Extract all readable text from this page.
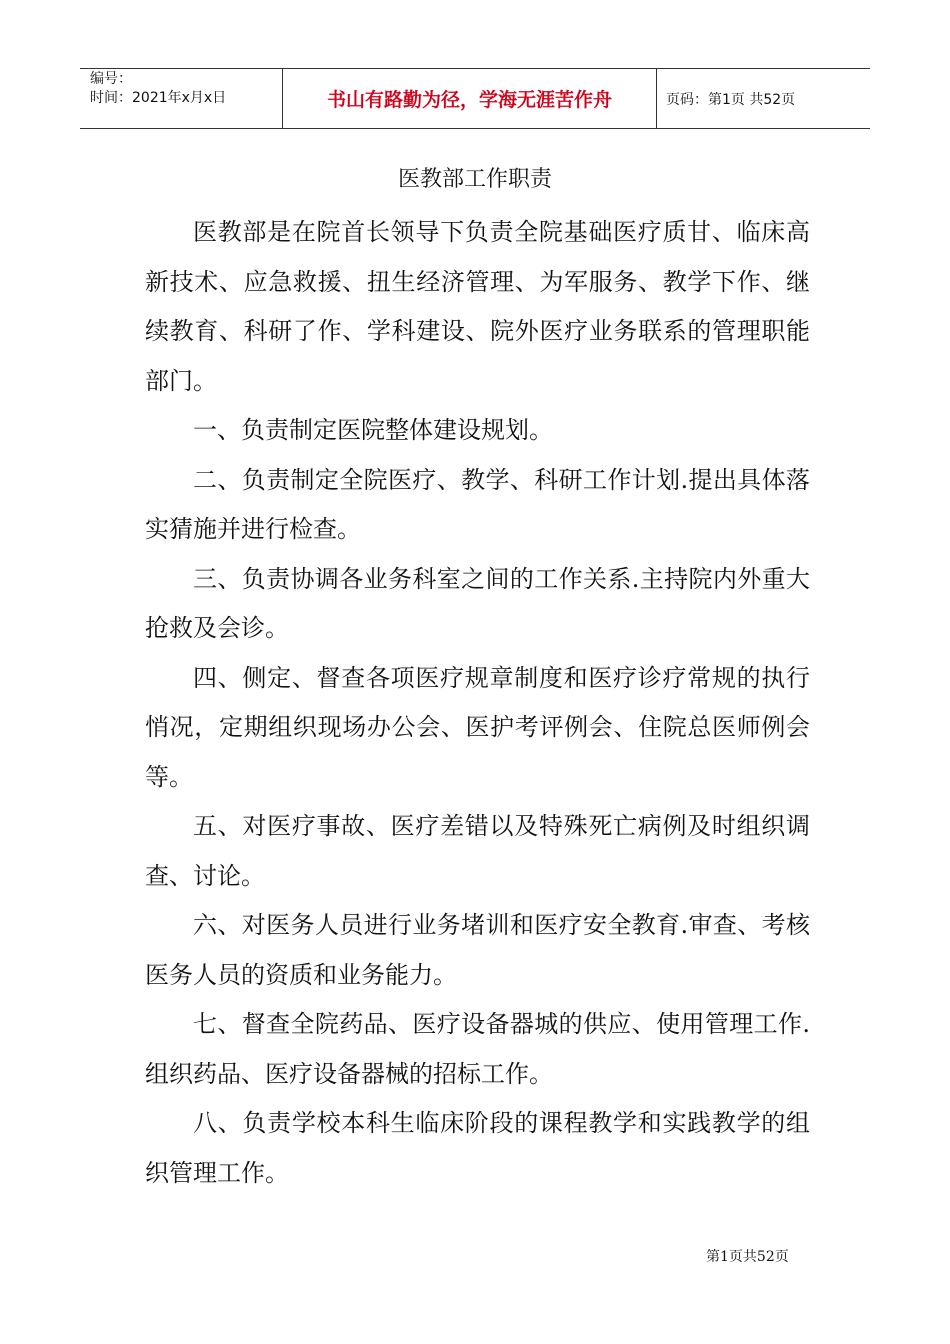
编号：
时间：2021年x月x日	书山有路勤为径，学海无涯苦作舟	页码：第1页 共52页
医教部工作职责

医教部是在院首长领导下负责全院基础医疗质甘、临床高新技术、应急救援、扭生经济管理、为军服务、教学下作、继续教育、科研了作、学科建设、院外医疗业务联系的管理职能部门。

一、负责制定医院整体建设规划。

二、负责制定全院医疗、教学、科研工作计划.提出具体落实猜施并进行检查。

三、负责协调各业务科室之间的工作关系.主持院内外重大抢救及会诊。

四、侧定、督查各项医疗规章制度和医疗诊疗常规的执行悄况，定期组织现场办公会、医护考评例会、住院总医师例会等。

五、对医疗事故、医疗差错以及特殊死亡病例及时组织调查、讨论。

六、对医务人员进行业务堵训和医疗安全教育.审查、考核医务人员的资质和业务能力。

七、督查全院药品、医疗设备器城的供应、使用管理工作.组织药品、医疗设备器械的招标工作。

八、负责学校本科生临床阶段的课程教学和实践教学的组织管理工作。

第1页共52页
